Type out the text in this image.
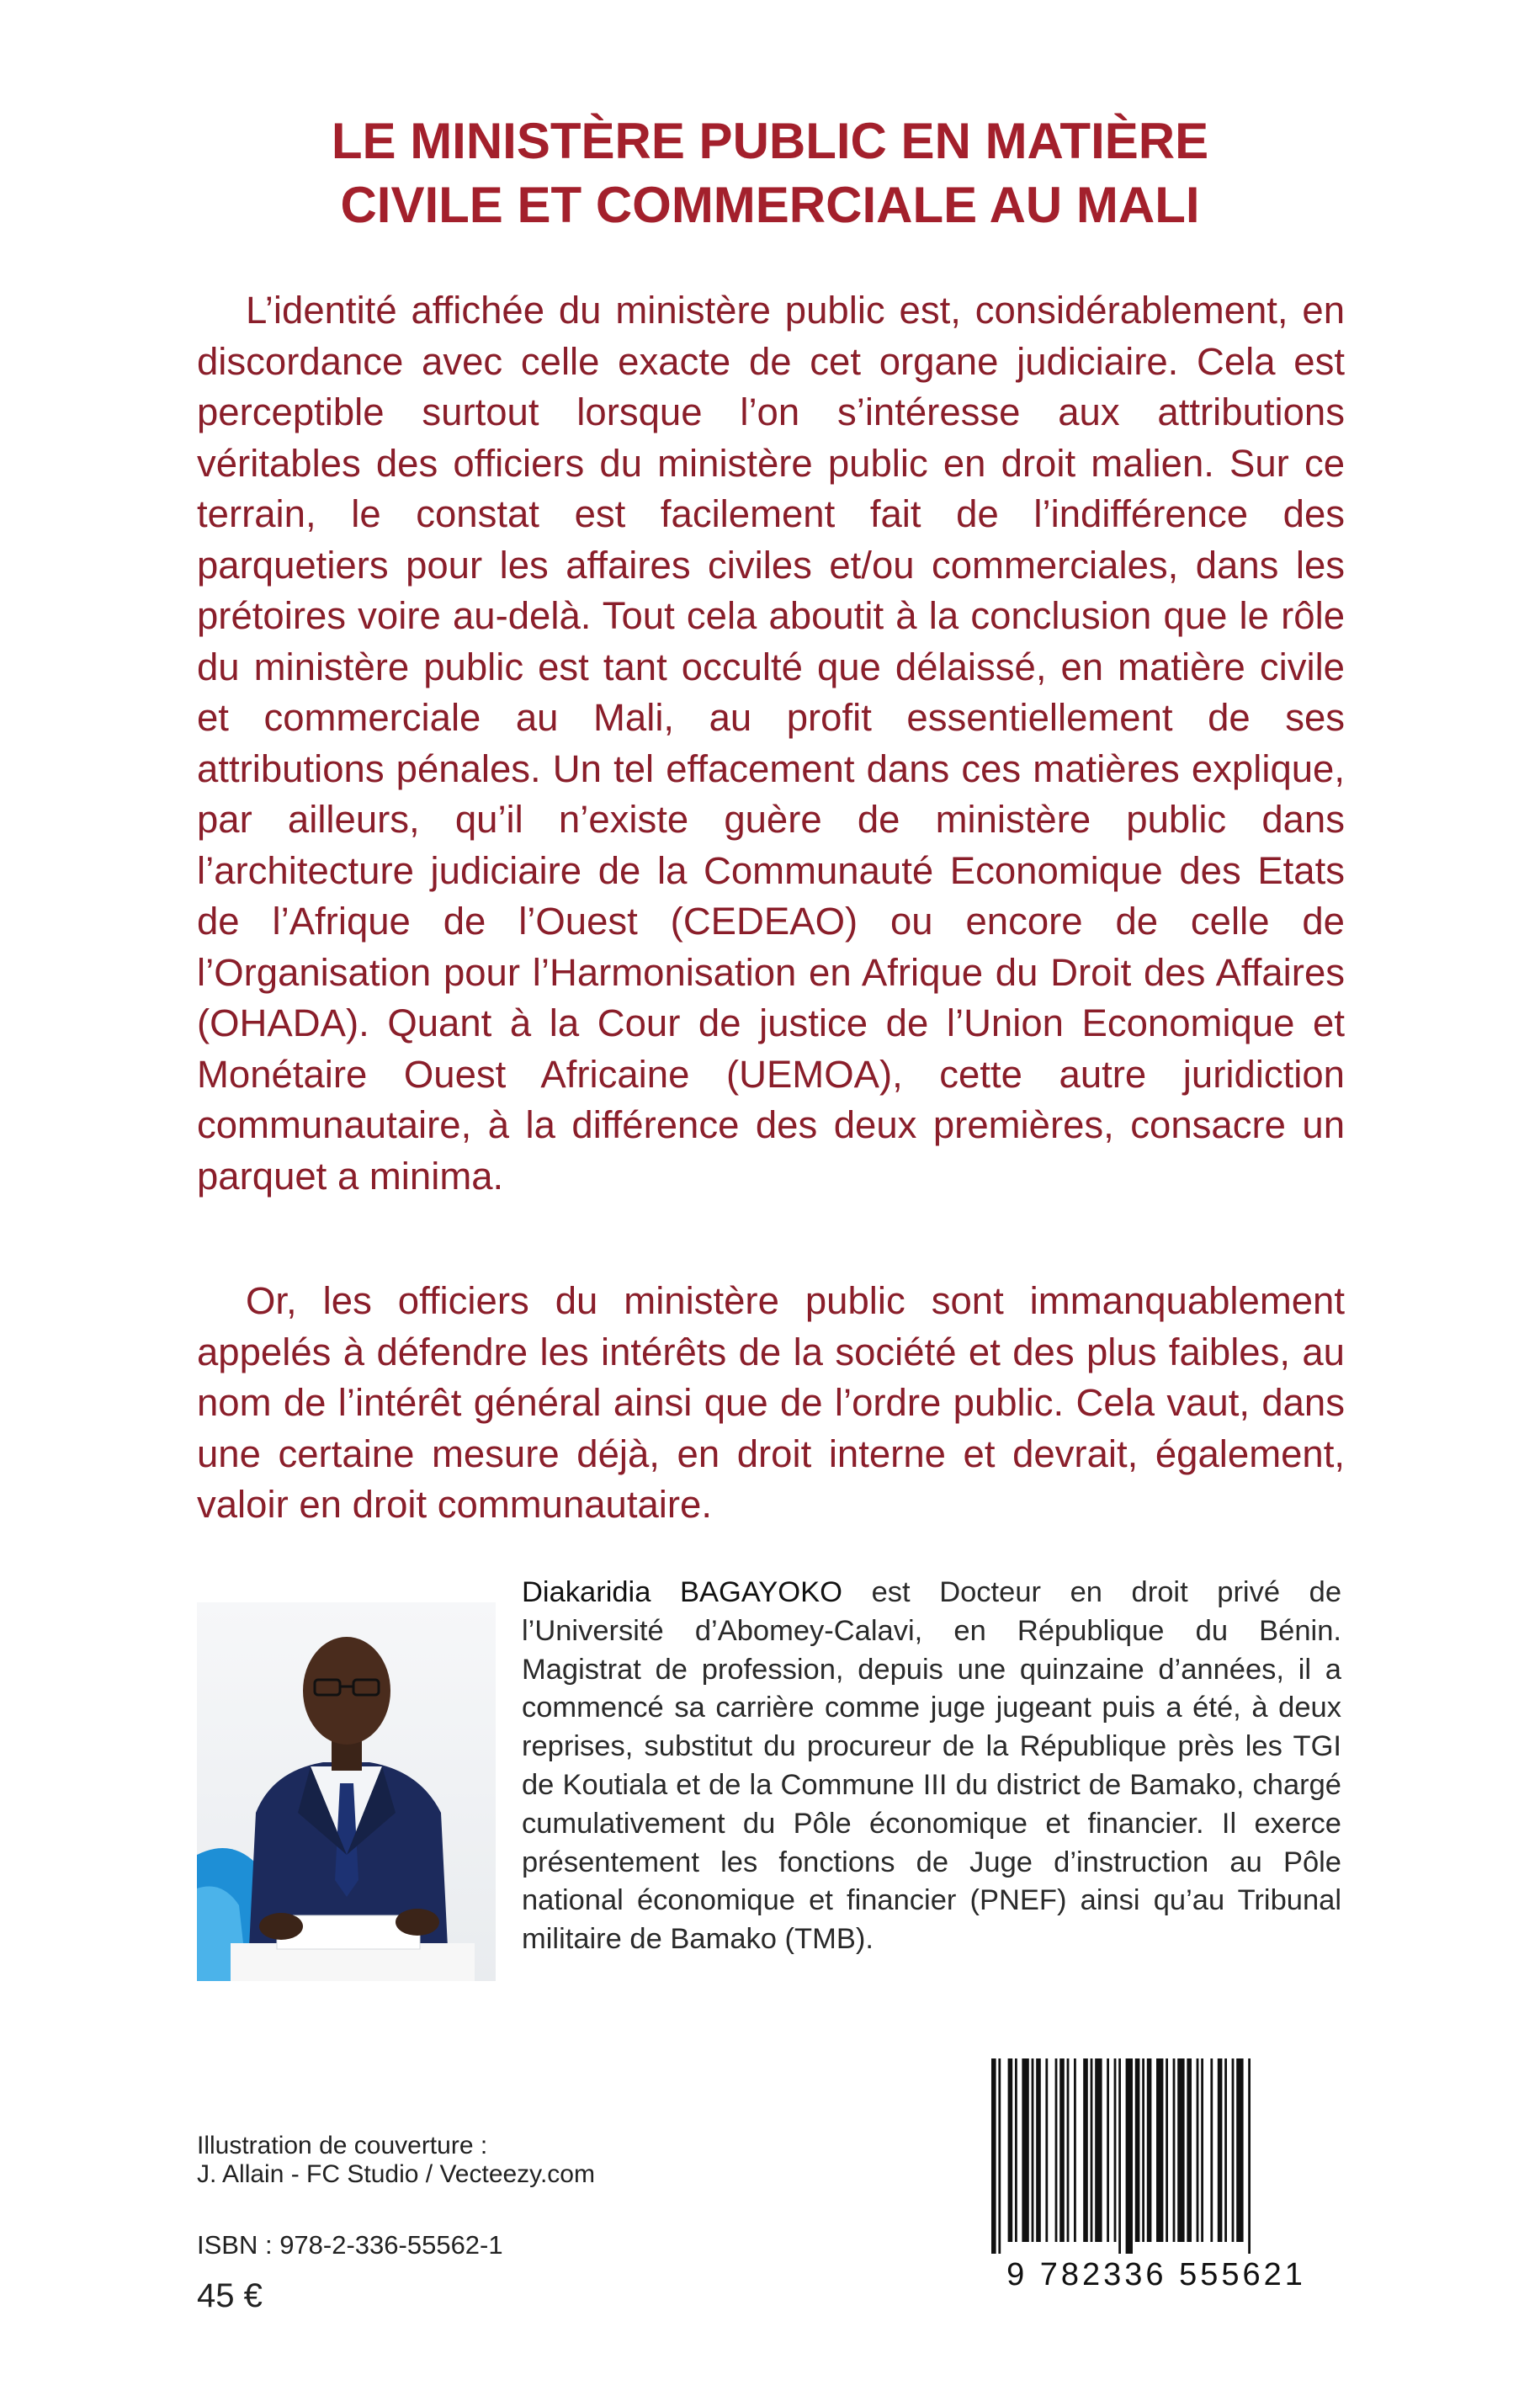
LE MINISTÈRE PUBLIC EN MATIÈRE
CIVILE ET COMMERCIALE AU MALI

L’identité affichée du ministère public est, considérablement, en discordance avec celle exacte de cet organe judiciaire. Cela est perceptible surtout lorsque l’on s’intéresse aux attributions véritables des officiers du ministère public en droit malien. Sur ce terrain, le constat est facilement fait de l’indifférence des parquetiers pour les affaires civiles et/ou commerciales, dans les prétoires voire au-delà. Tout cela aboutit à la conclusion que le rôle du ministère public est tant occulté que délaissé, en matière civile et commerciale au Mali, au profit essentiellement de ses attributions pénales. Un tel effacement dans ces matières explique, par ailleurs, qu’il n’existe guère de ministère public dans l’architecture judiciaire de la Communauté Economique des Etats de l’Afrique de l’Ouest (CEDEAO) ou encore de celle de l’Organisation pour l’Harmonisation en Afrique du Droit des Affaires (OHADA). Quant à la Cour de justice de l’Union Economique et Monétaire Ouest Africaine (UEMOA), cette autre juridiction communautaire, à la différence des deux premières, consacre un parquet a minima.

Or, les officiers du ministère public sont immanquablement appelés à défendre les intérêts de la société et des plus faibles, au nom de l’intérêt général ainsi que de l’ordre public. Cela vaut, dans une certaine mesure déjà, en droit interne et devrait, également, valoir en droit communautaire.

Diakaridia BAGAYOKO est Docteur en droit privé de l’Université d’Abomey-Calavi, en République du Bénin. Magistrat de profession, depuis une quinzaine d’années, il a commencé sa carrière comme juge jugeant puis a été, à deux reprises, substitut du procureur de la République près les TGI de Koutiala et de la Commune III du district de Bamako, chargé cumulativement du Pôle économique et financier. Il exerce présentement les fonctions de Juge d’instruction au Pôle national économique et financier (PNEF) ainsi qu’au Tribunal militaire de Bamako (TMB).

Illustration de couverture :
J. Allain - FC Studio / Vecteezy.com
ISBN : 978-2-336-55562-1
45 €
9 782336 555621
